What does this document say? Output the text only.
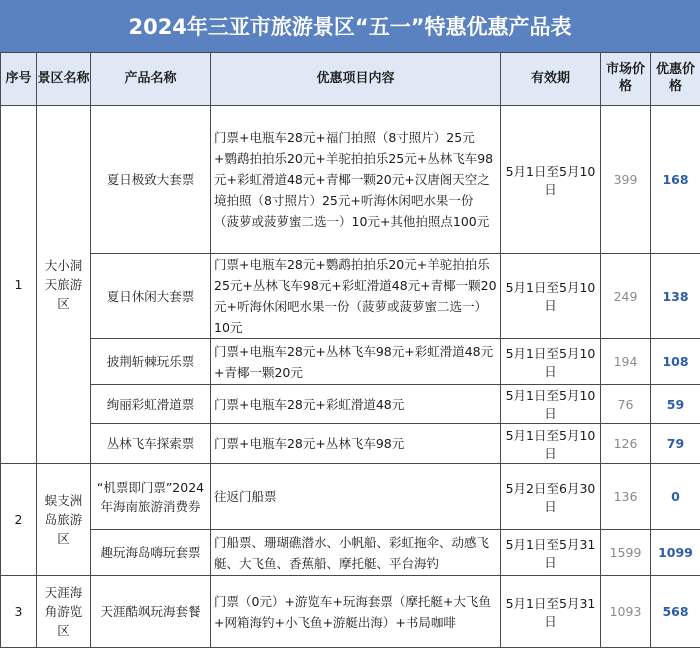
2024年三亚市旅游景区“五一”特惠优惠产品表
序号	景区名称	产品名称	优惠项目内容	有效期	市场价格	优惠价格
1	大小洞天旅游区	夏日极致大套票	门票+电瓶车28元+福门拍照（8寸照片）25元+鹦鹉拍拍乐20元+羊驼拍拍乐25元+丛林飞车98元+彩虹滑道48元+青椰一颗20元+汉唐阁天空之境拍照（8寸照片）25元+听海休闲吧水果一份（菠萝或菠萝蜜二选一）10元+其他拍照点100元	5月1日至5月10日	399	168
		夏日休闲大套票	门票+电瓶车28元+鹦鹉拍拍乐20元+羊驼拍拍乐25元+丛林飞车98元+彩虹滑道48元+青椰一颗20元+听海休闲吧水果一份（菠萝或菠萝蜜二选一）10元	5月1日至5月10日	249	138
		披荆斩棘玩乐票	门票+电瓶车28元+丛林飞车98元+彩虹滑道48元+青椰一颗20元	5月1日至5月10日	194	108
		绚丽彩虹滑道票	门票+电瓶车28元+彩虹滑道48元	5月1日至5月10日	76	59
		丛林飞车探索票	门票+电瓶车28元+丛林飞车98元	5月1日至5月10日	126	79
2	蜈支洲岛旅游区	“机票即门票”2024年海南旅游消费券	往返门船票	5月2日至6月30日	136	0
		趣玩海岛嗨玩套票	门船票、珊瑚礁潜水、小帆船、彩虹拖伞、动感飞艇、大飞鱼、香蕉船、摩托艇、平台海钓	5月1日至5月31日	1599	1099
3	天涯海角游览区	天涯酷飒玩海套餐	门票（0元）+游览车+玩海套票（摩托艇+大飞鱼+网箱海钓+小飞鱼+游艇出海）+书局咖啡	5月1日至5月31日	1093	568
